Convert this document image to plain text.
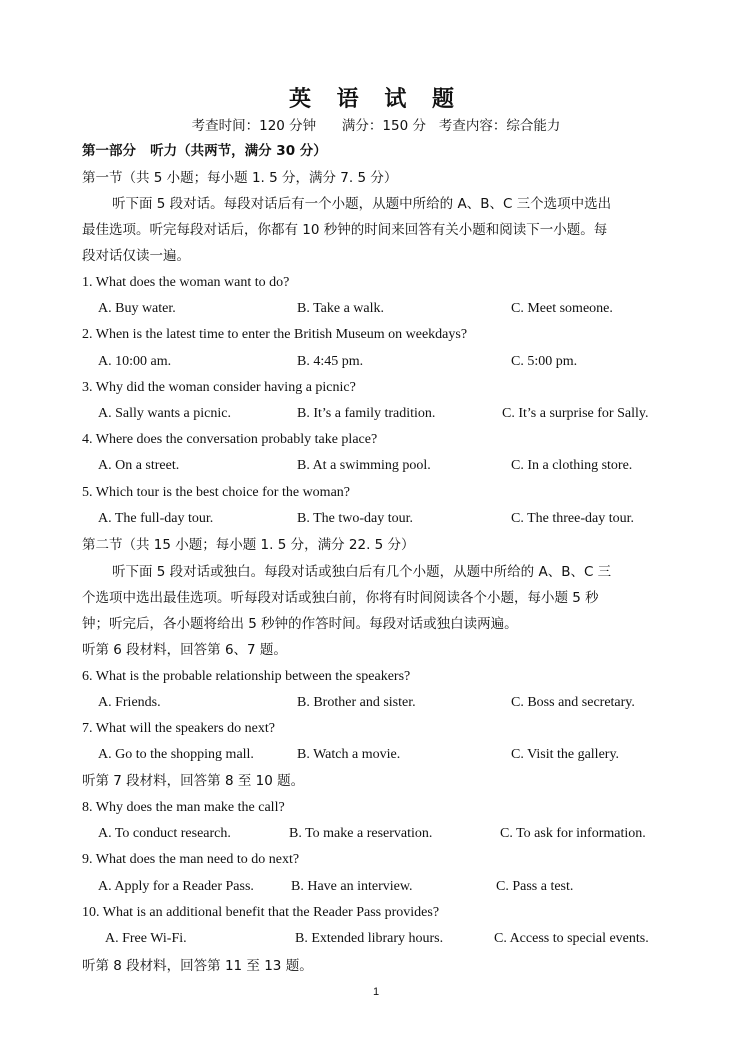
英 语 试 题
考查时间：120 分钟      满分：150 分   考查内容：综合能力
第一部分   听力（共两节，满分 30 分）
第一节（共 5 小题；每小题 1. 5 分，满分 7. 5 分）
听下面 5 段对话。每段对话后有一个小题，从题中所给的 A、B、C 三个选项中选出
最佳选项。听完每段对话后，你都有 10 秒钟的时间来回答有关小题和阅读下一小题。每
段对话仅读一遍。
1. What does the woman want to do?
A. Buy water.	B. Take a walk.	C. Meet someone.
2. When is the latest time to enter the British Museum on weekdays?
A. 10:00 am.	B. 4:45 pm.	C. 5:00 pm.
3. Why did the woman consider having a picnic?
A. Sally wants a picnic.	B. It’s a family tradition.	C. It’s a surprise for Sally.
4. Where does the conversation probably take place?
A. On a street.	B. At a swimming pool.	C. In a clothing store.
5. Which tour is the best choice for the woman?
A. The full-day tour.	B. The two-day tour.	C. The three-day tour.
第二节（共 15 小题；每小题 1. 5 分，满分 22. 5 分）
听下面 5 段对话或独白。每段对话或独白后有几个小题，从题中所给的 A、B、C 三
个选项中选出最佳选项。听每段对话或独白前，你将有时间阅读各个小题，每小题 5 秒
钟；听完后，各小题将给出 5 秒钟的作答时间。每段对话或独白读两遍。
听第 6 段材料，回答第 6、7 题。
6. What is the probable relationship between the speakers?
A. Friends.	B. Brother and sister.	C. Boss and secretary.
7. What will the speakers do next?
A. Go to the shopping mall.	B. Watch a movie.	C. Visit the gallery.
听第 7 段材料，回答第 8 至 10 题。
8. Why does the man make the call?
A. To conduct research.	B. To make a reservation.	C. To ask for information.
9. What does the man need to do next?
A. Apply for a Reader Pass.	B. Have an interview.	C. Pass a test.
10. What is an additional benefit that the Reader Pass provides?
A. Free Wi-Fi.	B. Extended library hours.	C. Access to special events.
听第 8 段材料，回答第 11 至 13 题。
1
